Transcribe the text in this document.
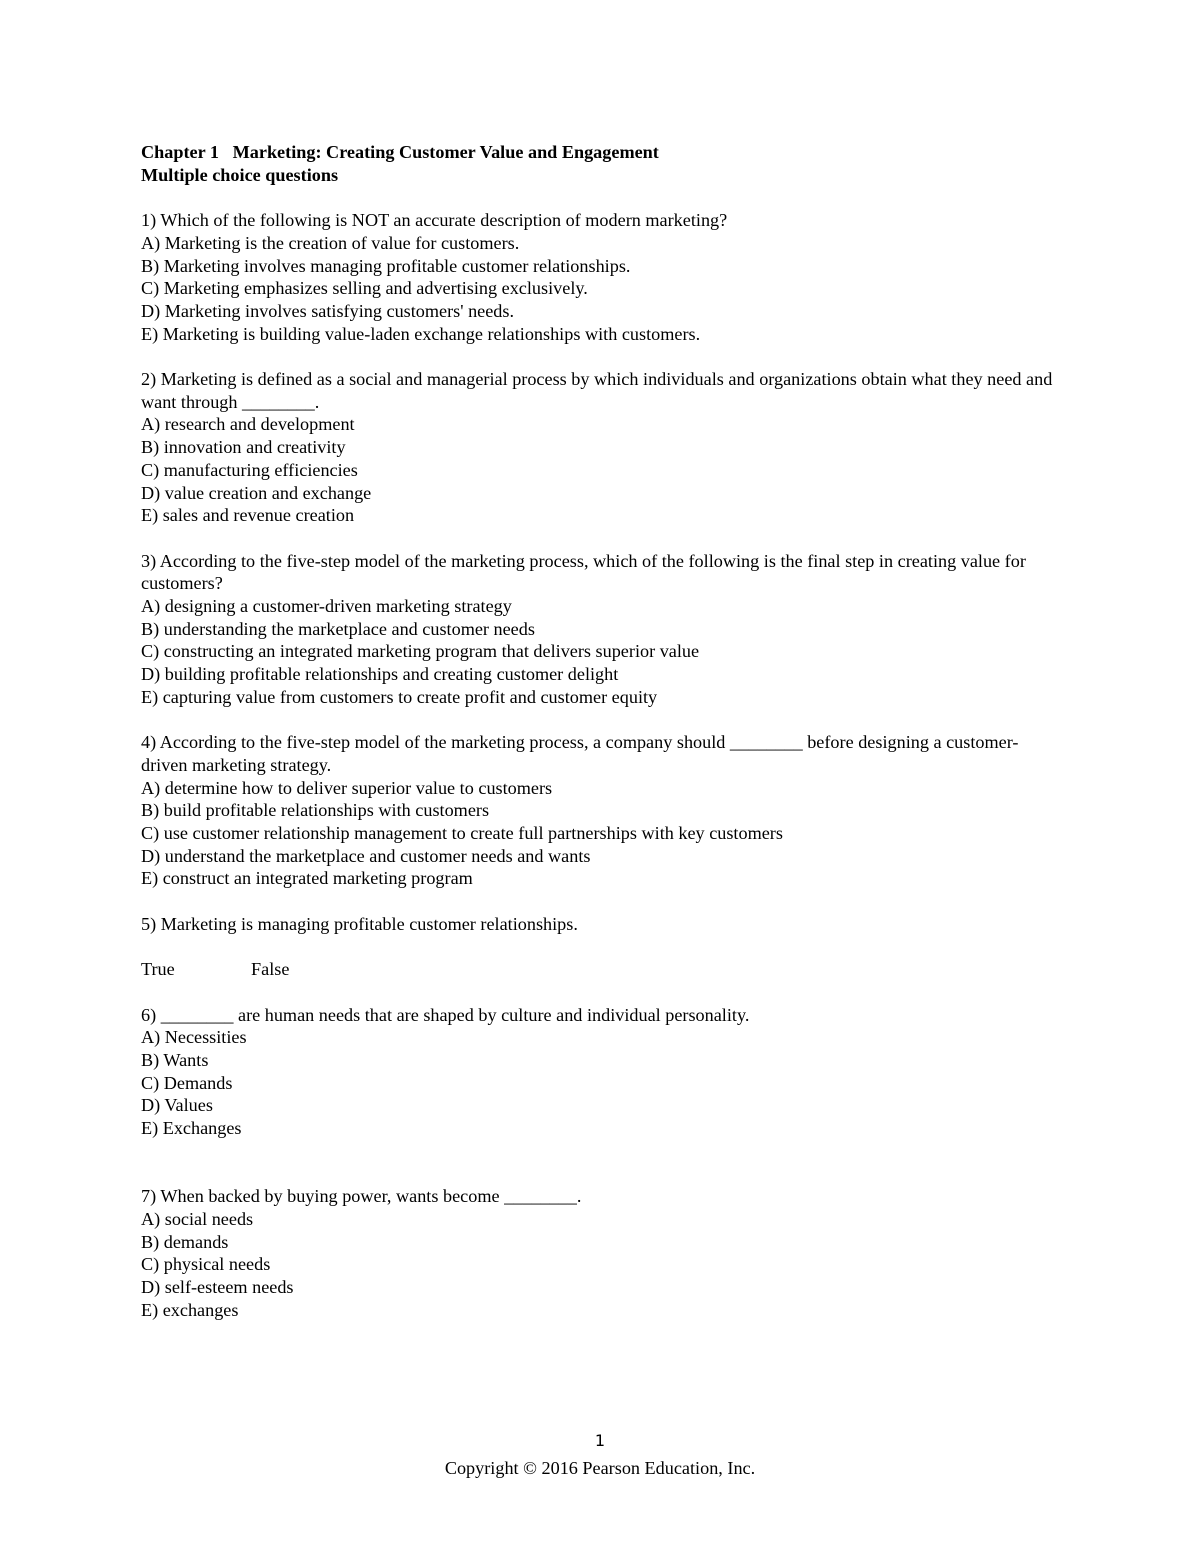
Chapter 1   Marketing: Creating Customer Value and Engagement
Multiple choice questions
1) Which of the following is NOT an accurate description of modern marketing?
A) Marketing is the creation of value for customers.
B) Marketing involves managing profitable customer relationships.
C) Marketing emphasizes selling and advertising exclusively.
D) Marketing involves satisfying customers' needs.
E) Marketing is building value-laden exchange relationships with customers.
2) Marketing is defined as a social and managerial process by which individuals and organizations obtain what they need and want through ________.
A) research and development
B) innovation and creativity
C) manufacturing efficiencies
D) value creation and exchange
E) sales and revenue creation
3) According to the five-step model of the marketing process, which of the following is the final step in creating value for customers?
A) designing a customer-driven marketing strategy
B) understanding the marketplace and customer needs
C) constructing an integrated marketing program that delivers superior value
D) building profitable relationships and creating customer delight
E) capturing value from customers to create profit and customer equity
4) According to the five-step model of the marketing process, a company should ________ before designing a customer-driven marketing strategy.
A) determine how to deliver superior value to customers
B) build profitable relationships with customers
C) use customer relationship management to create full partnerships with key customers
D) understand the marketplace and customer needs and wants
E) construct an integrated marketing program
5) Marketing is managing profitable customer relationships.
True	False
6) ________ are human needs that are shaped by culture and individual personality.
A) Necessities
B) Wants
C) Demands
D) Values
E) Exchanges
7) When backed by buying power, wants become ________.
A) social needs
B) demands
C) physical needs
D) self-esteem needs
E) exchanges
1
Copyright © 2016 Pearson Education, Inc.
